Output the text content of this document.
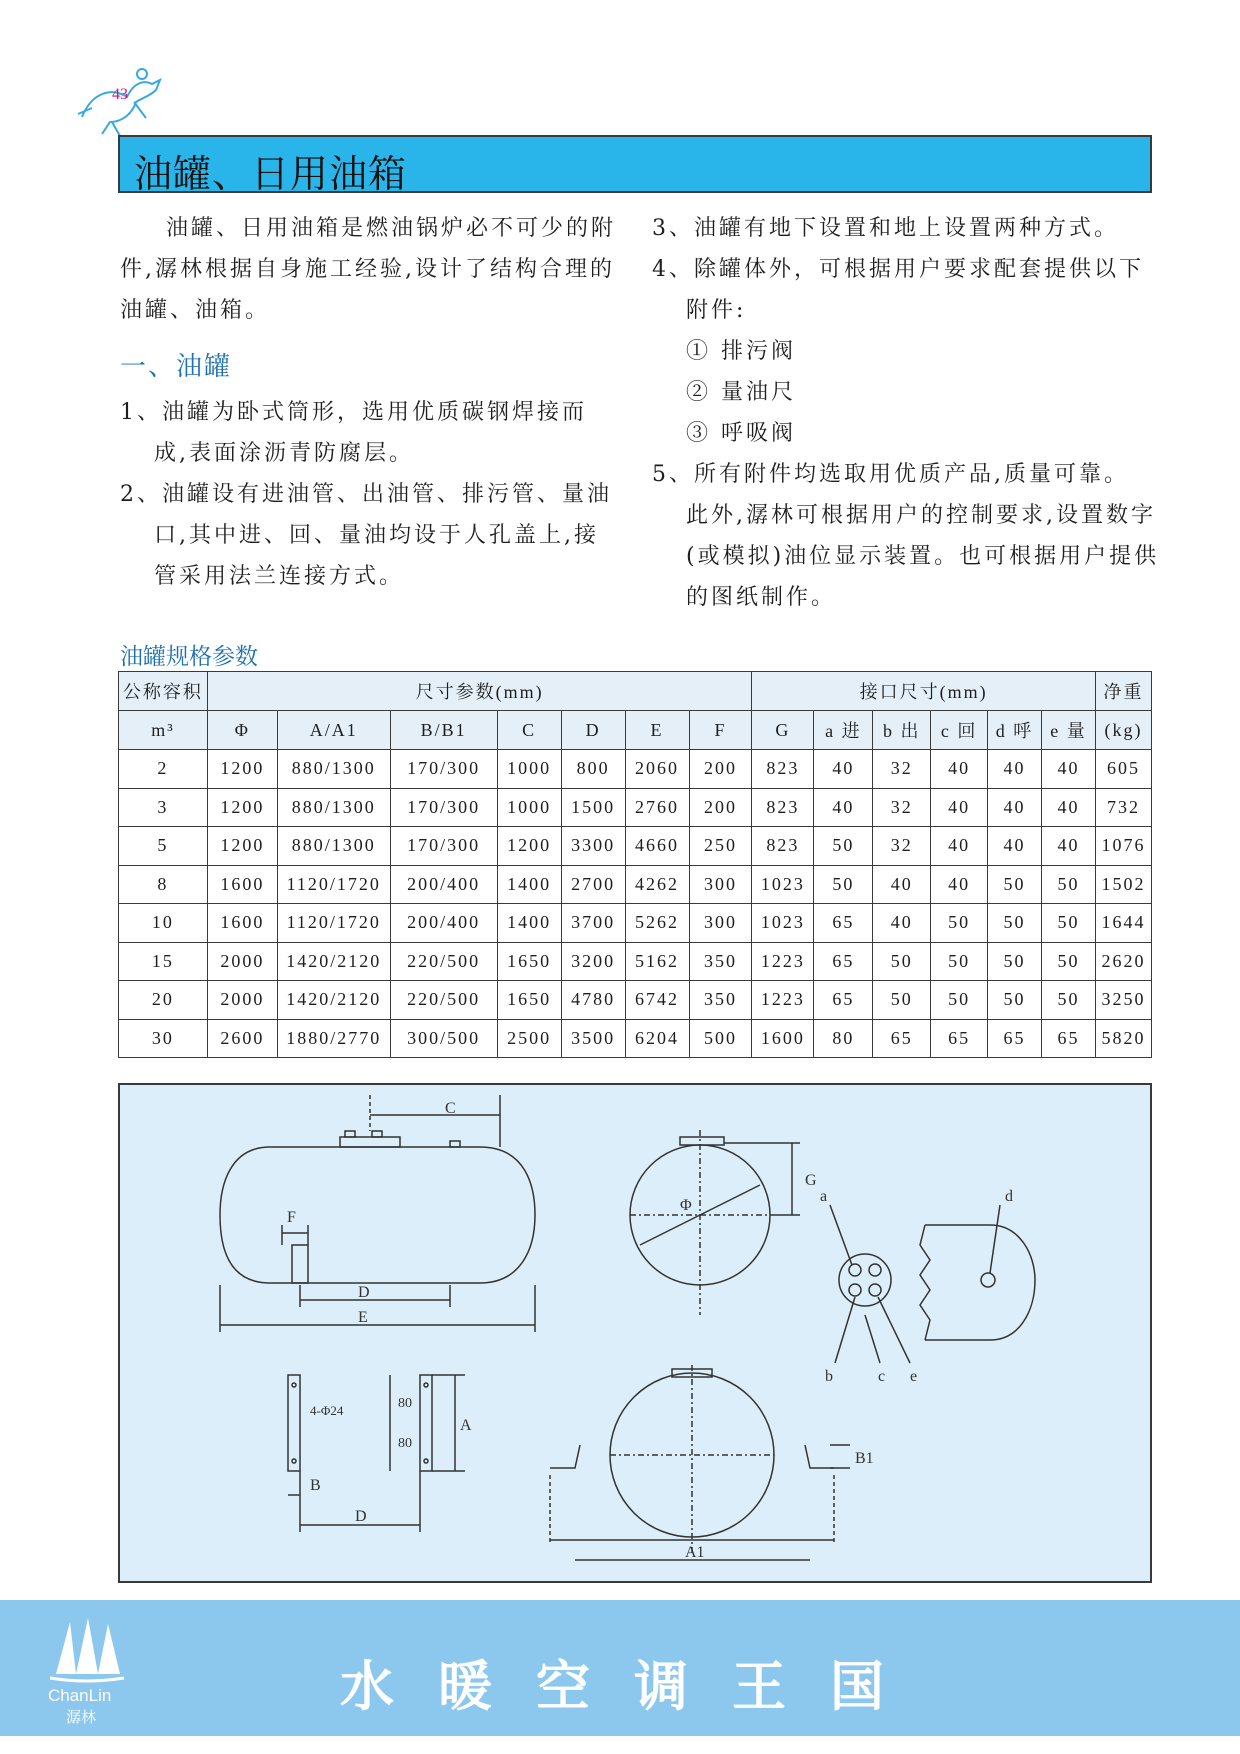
43
油罐、日用油箱

油罐、日用油箱是燃油锅炉必不可少的附件,潺林根据自身施工经验,设计了结构合理的油罐、油箱。

一、油罐

1、油罐为卧式筒形，选用优质碳钢焊接而成,表面涂沥青防腐层。

2、油罐设有进油管、出油管、排污管、量油口,其中进、回、量油均设于人孔盖上,接管采用法兰连接方式。

3、油罐有地下设置和地上设置两种方式。

4、除罐体外，可根据用户要求配套提供以下附件:

① 排污阀

② 量油尺

③ 呼吸阀

5、所有附件均选取用优质产品,质量可靠。

此外,潺林可根据用户的控制要求,设置数字(或模拟)油位显示装置。也可根据用户提供的图纸制作。

油罐规格参数
公称容积	尺寸参数(mm)							接口尺寸(mm)						净重
m³	Φ	A/A1	B/B1	C	D	E	F	G	a 进	b 出	c 回	d 呼	e 量	(kg)
2	1200	880/1300	170/300	1000	800	2060	200	823	40	32	40	40	40	605
3	1200	880/1300	170/300	1000	1500	2760	200	823	40	32	40	40	40	732
5	1200	880/1300	170/300	1200	3300	4660	250	823	50	32	40	40	40	1076
8	1600	1120/1720	200/400	1400	2700	4262	300	1023	50	40	40	50	50	1502
10	1600	1120/1720	200/400	1400	3700	5262	300	1023	65	40	50	50	50	1644
15	2000	1420/2120	220/500	1650	3200	5162	350	1223	65	50	50	50	50	2620
20	2000	1420/2120	220/500	1650	4780	6742	350	1223	65	50	50	50	50	3250
30	2600	1880/2770	300/500	2500	3500	6204	500	1600	80	65	65	65	65	5820
C
F
D
E
Φ
G
a	d
b	c e
4-Φ24	80
80
A
B
D
B1
A1
ChanLin
潺林	水暖空调王国
